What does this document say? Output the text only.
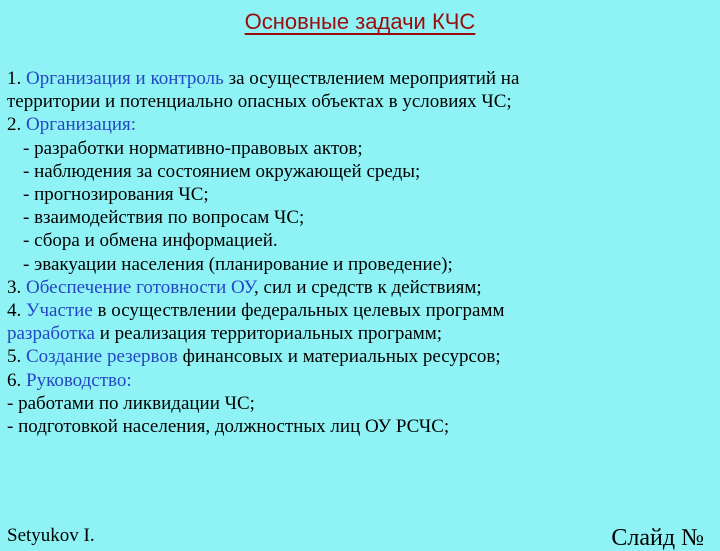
Основные задачи КЧС
1. Организация и контроль за осуществлением мероприятий на
территории и потенциально опасных объектах в условиях ЧС;
2. Организация:
- разработки нормативно-правовых актов;
- наблюдения за состоянием окружающей среды;
- прогнозирования ЧС;
- взаимодействия по вопросам ЧС;
- сбора и обмена информацией.
- эвакуации населения (планирование и проведение);
3. Обеспечение готовности ОУ, сил и средств к действиям;
4. Участие в осуществлении федеральных целевых программ
разработка и реализация территориальных программ;
5. Создание резервов финансовых и материальных ресурсов;
6. Руководство:
- работами по ликвидации ЧС;
- подготовкой населения, должностных лиц ОУ РСЧС;
Setyukov I.	Слайд №
